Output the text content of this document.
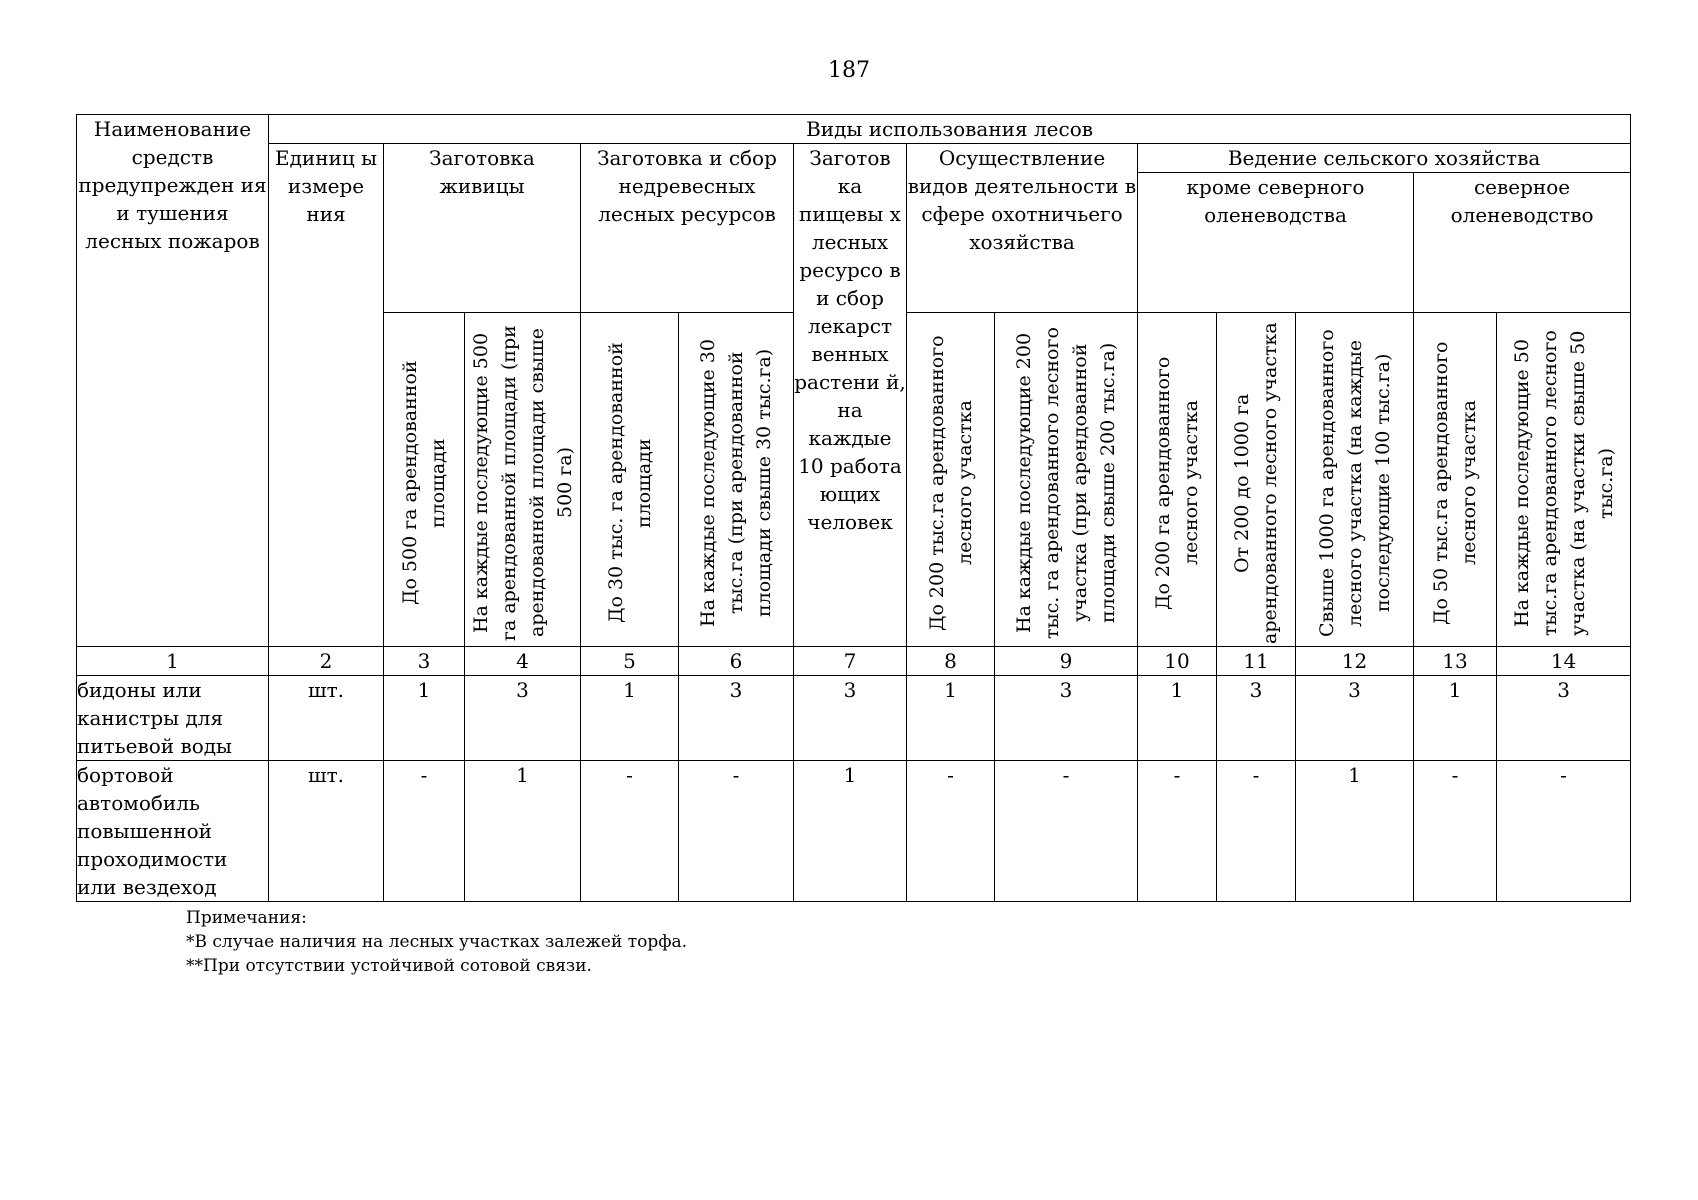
187
Наименование средств предупрежден ия и тушения лесных пожаров	Виды использования лесов												
	Единиц ы измере ния	Заготовка живицы		Заготовка и сбор недревесных лесных ресурсов		Заготов ка пищевы х лесных ресурсо в и сбор лекарст венных растени й, на каждые 10 работа ющих человек	Осуществление видов деятельности в сфере охотничьего хозяйства		Ведение сельского хозяйства				
									кроме северного оленеводства			северное оленеводство	

		До 500 га арендованной площади	На каждые последующие 500 га арендованной площади (при арендованной площади свыше 500 га)	До 30 тыс. га арендованной площади	На каждые последующие 30 тыс.га (при арендованной площади свыше 30 тыс.га)		До 200 тыс.га арендованного лесного участка	На каждые последующие 200 тыс. га арендованного лесного участка (при арендованной площади свыше 200 тыс.га)	До 200 га арендованного лесного участка	От 200 до 1000 га арендованного лесного участка	Свыше 1000 га арендованного лесного участка (на каждые последующие 100 тыс.га)	До 50 тыс.га арендованного лесного участка	На каждые последующие 50 тыс.га арендованного лесного участка (на участки свыше 50 тыс.га)

1	2	3	4	5	6	7	8	9	10	11	12	13	14
бидоны или канистры для питьевой воды	шт.	1	3	1	3	3	1	3	1	3	3	1	3
бортовой автомобиль повышенной проходимости или вездеход	шт.	-	1	-	-	1	-	-	-	-	1	-	-
Примечания:
*В случае наличия на лесных участках залежей торфа.
**При отсутствии устойчивой сотовой связи.
